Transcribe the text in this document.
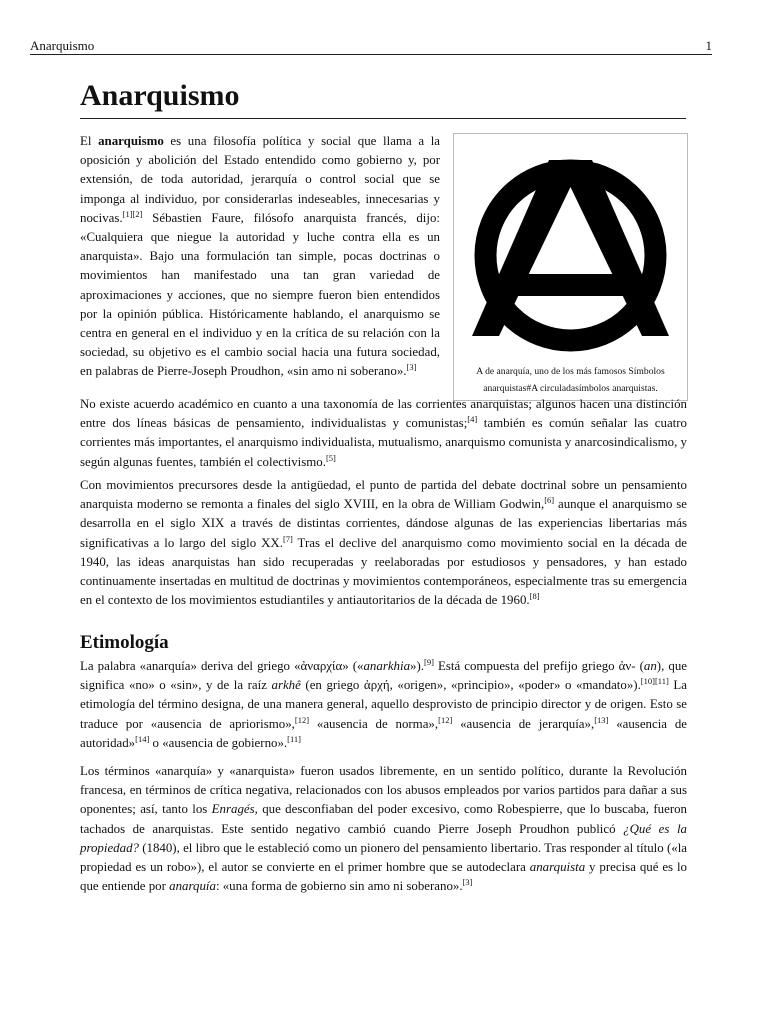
Anarquismo	1
Anarquismo
El anarquismo es una filosofía política y social que llama a la oposición y abolición del Estado entendido como gobierno y, por extensión, de toda autoridad, jerarquía o control social que se imponga al individuo, por considerarlas indeseables, innecesarias y nocivas.[1][2] Sébastien Faure, filósofo anarquista francés, dijo: «Cualquiera que niegue la autoridad y luche contra ella es un anarquista». Bajo una formulación tan simple, pocas doctrinas o movimientos han manifestado una tan gran variedad de aproximaciones y acciones, que no siempre fueron bien entendidos por la opinión pública. Históricamente hablando, el anarquismo se centra en general en el individuo y en la crítica de su relación con la sociedad, su objetivo es el cambio social hacia una futura sociedad, en palabras de Pierre-Joseph Proudhon, «sin amo ni soberano».[3]	A de anarquía, uno de los más famosos Símbolos
anarquistas#A circuladasímbolos anarquistas.

No existe acuerdo académico en cuanto a una taxonomía de las corrientes anarquistas; algunos hacen una distinción entre dos líneas básicas de pensamiento, individualistas y comunistas;[4] también es común señalar las cuatro corrientes más importantes, el anarquismo individualista, mutualismo, anarquismo comunista y anarcosindicalismo, y según algunas fuentes, también el colectivismo.[5]

Con movimientos precursores desde la antigüedad, el punto de partida del debate doctrinal sobre un pensamiento anarquista moderno se remonta a finales del siglo XVIII, en la obra de William Godwin,[6] aunque el anarquismo se desarrolla en el siglo XIX a través de distintas corrientes, dándose algunas de las experiencias libertarias más significativas a lo largo del siglo XX.[7] Tras el declive del anarquismo como movimiento social en la década de 1940, las ideas anarquistas han sido recuperadas y reelaboradas por estudiosos y pensadores, y han estado continuamente insertadas en multitud de doctrinas y movimientos contemporáneos, especialmente tras su emergencia en el contexto de los movimientos estudiantiles y antiautoritarios de la década de 1960.[8]

Etimología

La palabra «anarquía» deriva del griego «ἀναρχία» («anarkhia»).[9] Está compuesta del prefijo griego ἀν- (an), que significa «no» o «sin», y de la raíz arkhê (en griego ἀρχή, «origen», «principio», «poder» o «mandato»).[10][11] La etimología del término designa, de una manera general, aquello desprovisto de principio director y de origen. Esto se traduce por «ausencia de apriorismo»,[12] «ausencia de norma»,[12] «ausencia de jerarquía»,[13] «ausencia de autoridad»[14] o «ausencia de gobierno».[11]

Los términos «anarquía» y «anarquista» fueron usados libremente, en un sentido político, durante la Revolución francesa, en términos de crítica negativa, relacionados con los abusos empleados por varios partidos para dañar a sus oponentes; así, tanto los Enragés, que desconfiaban del poder excesivo, como Robespierre, que lo buscaba, fueron tachados de anarquistas. Este sentido negativo cambió cuando Pierre Joseph Proudhon publicó ¿Qué es la propiedad? (1840), el libro que le estableció como un pionero del pensamiento libertario. Tras responder al título («la propiedad es un robo»), el autor se convierte en el primer hombre que se autodeclara anarquista y precisa qué es lo que entiende por anarquía: «una forma de gobierno sin amo ni soberano».[3]
